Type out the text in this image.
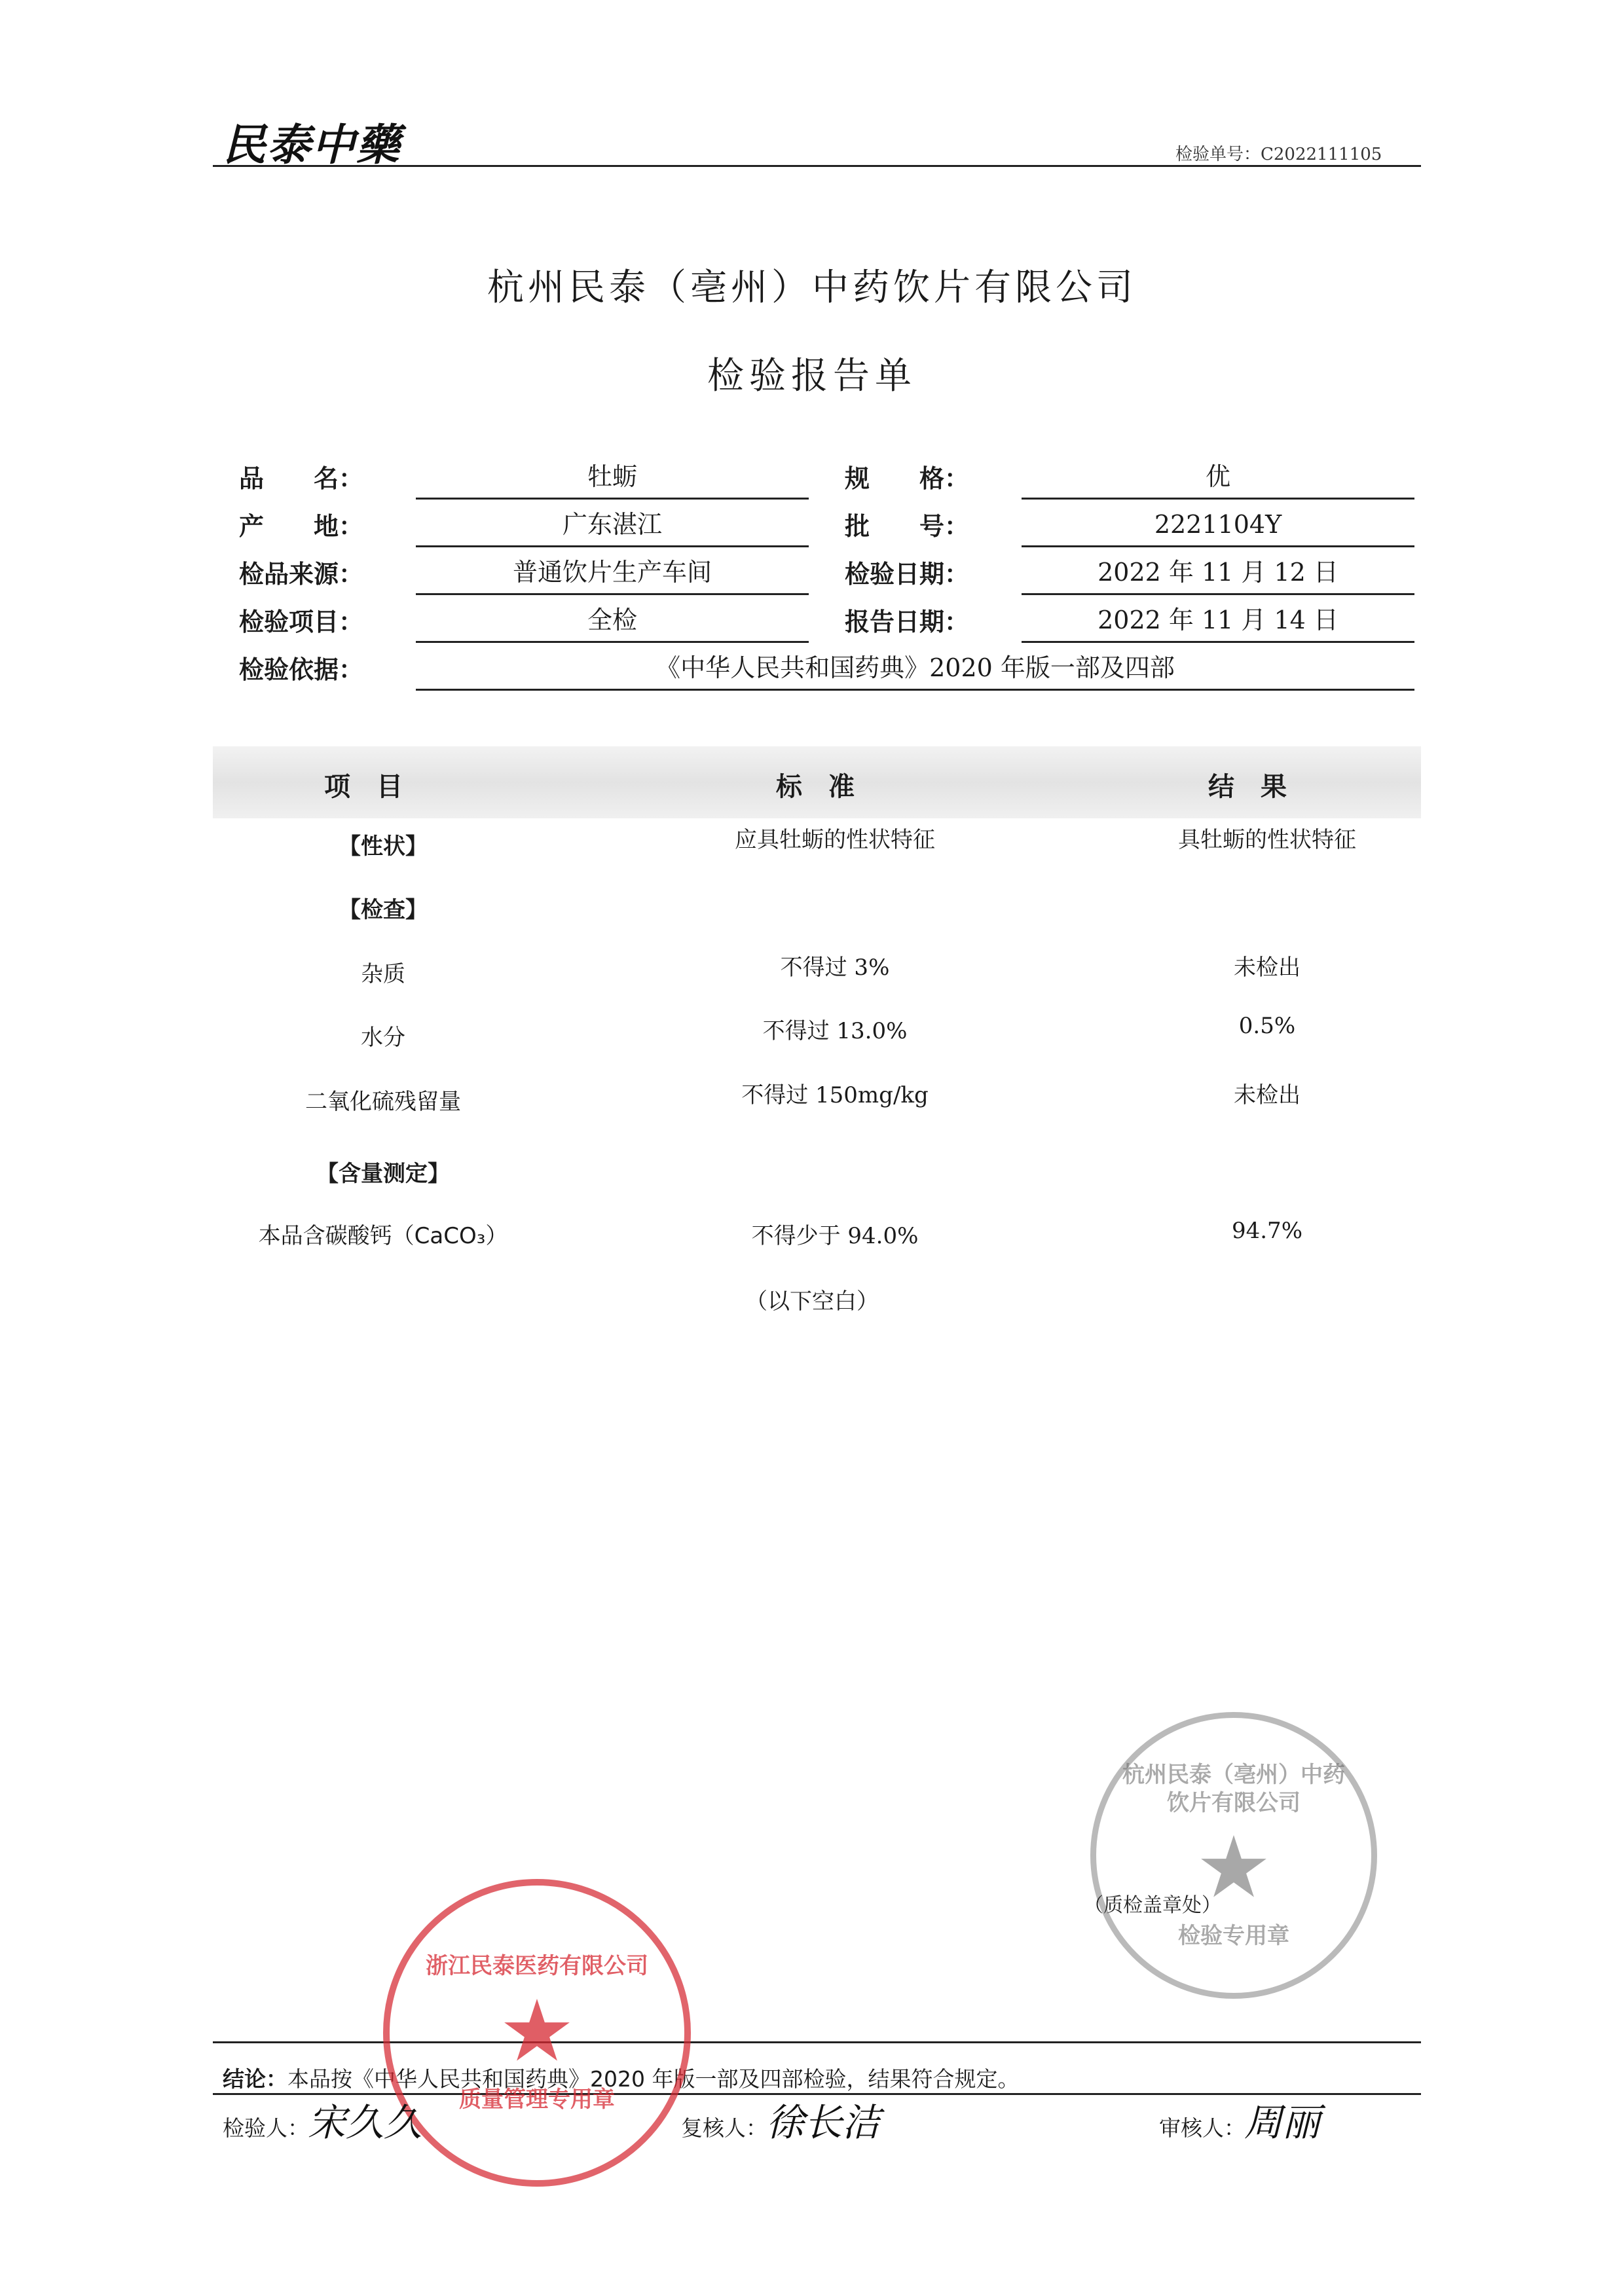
民泰中藥	检验单号：C2022111105
杭州民泰（亳州）中药饮片有限公司
检验报告单
品　　名：	牡蛎	规　　格：	优
产　　地：	广东湛江	批　　号：	2221104Y
检品来源：	普通饮片生产车间	检验日期：	2022 年 11 月 12 日
检验项目：	全检	报告日期：	2022 年 11 月 14 日
检验依据：	《中华人民共和国药典》2020 年版一部及四部
项目	标准	结果
【性状】	应具牡蛎的性状特征	具牡蛎的性状特征
【检查】
杂质	不得过 3%	未检出
水分	不得过 13.0%	0.5%
二氧化硫残留量	不得过 150mg/kg	未检出
【含量测定】
本品含碳酸钙（CaCO₃）	不得少于 94.0%	94.7%
（以下空白）
杭州民泰（亳州）中药饮片有限公司
★
检验专用章
（质检盖章处）
结论：本品按《中华人民共和国药典》2020 年版一部及四部检验，结果符合规定。
浙江民泰医药有限公司
★
质量管理专用章
检验人：
宋久久	复核人：
徐长洁	审核人：
周丽
